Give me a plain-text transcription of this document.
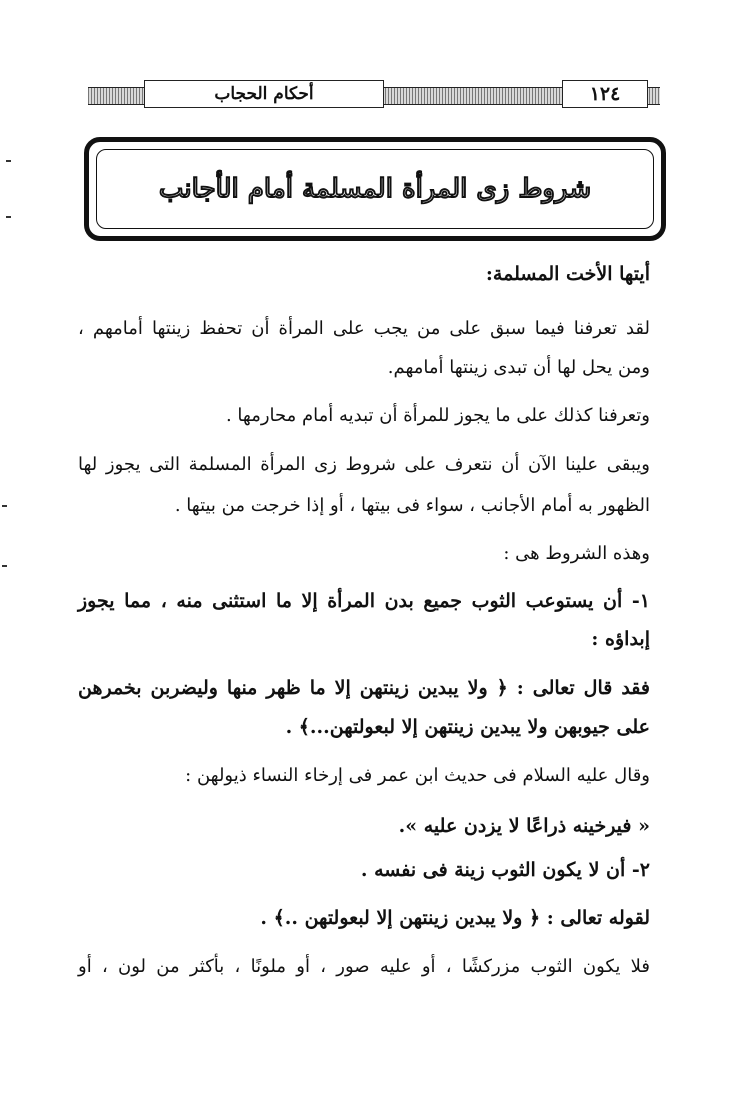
أحكام الحجاب	١٢٤
شروط زى المرأة المسلمة أمام الأجانب
أيتها الأخت المسلمة:
لقد تعرفنا فيما سبق على من يجب على المرأة أن تحفظ زينتها أمامهم ،
ومن يحل لها أن تبدى زينتها أمامهم.
وتعرفنا كذلك على ما يجوز للمرأة أن تبديه أمام محارمها .
ويبقى علينا الآن أن نتعرف على شروط زى المرأة المسلمة التى يجوز لها
الظهور به أمام الأجانب ، سواء فى بيتها ، أو إذا خرجت من بيتها .
وهذه الشروط هى :
١- أن يستوعب الثوب جميع بدن المرأة إلا ما استثنى منه ، مما يجوز
إبداؤه :
فقد قال تعالى : ﴿ ولا يبدين زينتهن إلا ما ظهر منها وليضربن بخمرهن
على جيوبهن ولا يبدين زينتهن إلا لبعولتهن...﴾ .
وقال عليه السلام فى حديث ابن عمر فى إرخاء النساء ذيولهن :
« فيرخينه ذراعًا لا يزدن عليه ».
٢- أن لا يكون الثوب زينة فى نفسه .
لقوله تعالى : ﴿ ولا يبدين زينتهن إلا لبعولتهن ..﴾ .
فلا يكون الثوب مزركشًا ، أو عليه صور ، أو ملونًا ، بأكثر من لون ، أو
